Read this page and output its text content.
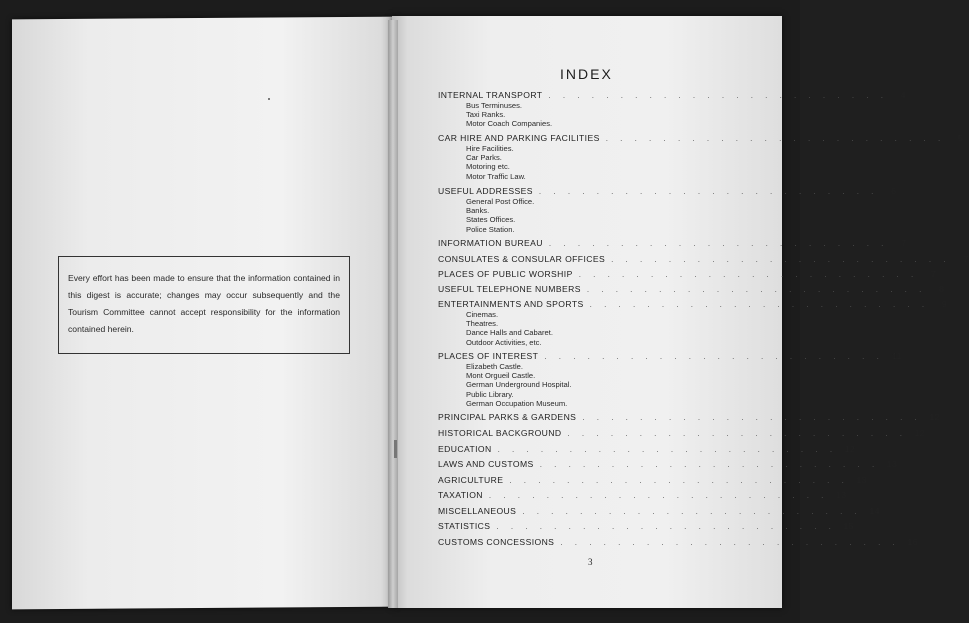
Every effort has been made to ensure that the information contained in this digest is accurate; changes may occur subsequently and the Tourism Committee cannot accept responsibility for the information contained herein.

INDEX
INTERNAL TRANSPORT . . . . . . . . . . . . . . . . . . . . . . . .	4
Bus Terminuses.
Taxi Ranks.
Motor Coach Companies.
CAR HIRE AND PARKING FACILITIES . . . . . . . . . . . . . . . . . . . . . . . .	5
Hire Facilities.
Car Parks.
Motoring etc.
Motor Traffic Law.
USEFUL ADDRESSES . . . . . . . . . . . . . . . . . . . . . . . .	6
General Post Office.
Banks.
States Offices.
Police Station.
INFORMATION BUREAU . . . . . . . . . . . . . . . . . . . . . . . .	7
CONSULATES & CONSULAR OFFICES . . . . . . . . . . . . . . . . . . . . . . . .	7
PLACES OF PUBLIC WORSHIP . . . . . . . . . . . . . . . . . . . . . . . .	7
USEFUL TELEPHONE NUMBERS . . . . . . . . . . . . . . . . . . . . . . . .	8
ENTERTAINMENTS AND SPORTS . . . . . . . . . . . . . . . . . . . . . . . .	9
Cinemas.
Theatres.
Dance Halls and Cabaret.
Outdoor Activities, etc.
PLACES OF INTEREST . . . . . . . . . . . . . . . . . . . . . . . . 11
Elizabeth Castle.
Mont Orgueil Castle.
German Underground Hospital.
Public Library.
German Occupation Museum.
PRINCIPAL PARKS & GARDENS . . . . . . . . . . . . . . . . . . . . . . . . 12
HISTORICAL BACKGROUND . . . . . . . . . . . . . . . . . . . . . . . . 12
EDUCATION . . . . . . . . . . . . . . . . . . . . . . . . 12
LAWS AND CUSTOMS . . . . . . . . . . . . . . . . . . . . . . . . 13
AGRICULTURE . . . . . . . . . . . . . . . . . . . . . . . . 13
TAXATION . . . . . . . . . . . . . . . . . . . . . . . . 13
MISCELLANEOUS . . . . . . . . . . . . . . . . . . . . . . . . 14
STATISTICS . . . . . . . . . . . . . . . . . . . . . . . . 15
CUSTOMS CONCESSIONS . . . . . . . . . . . . . . . . . . . . . . . . 16
3
